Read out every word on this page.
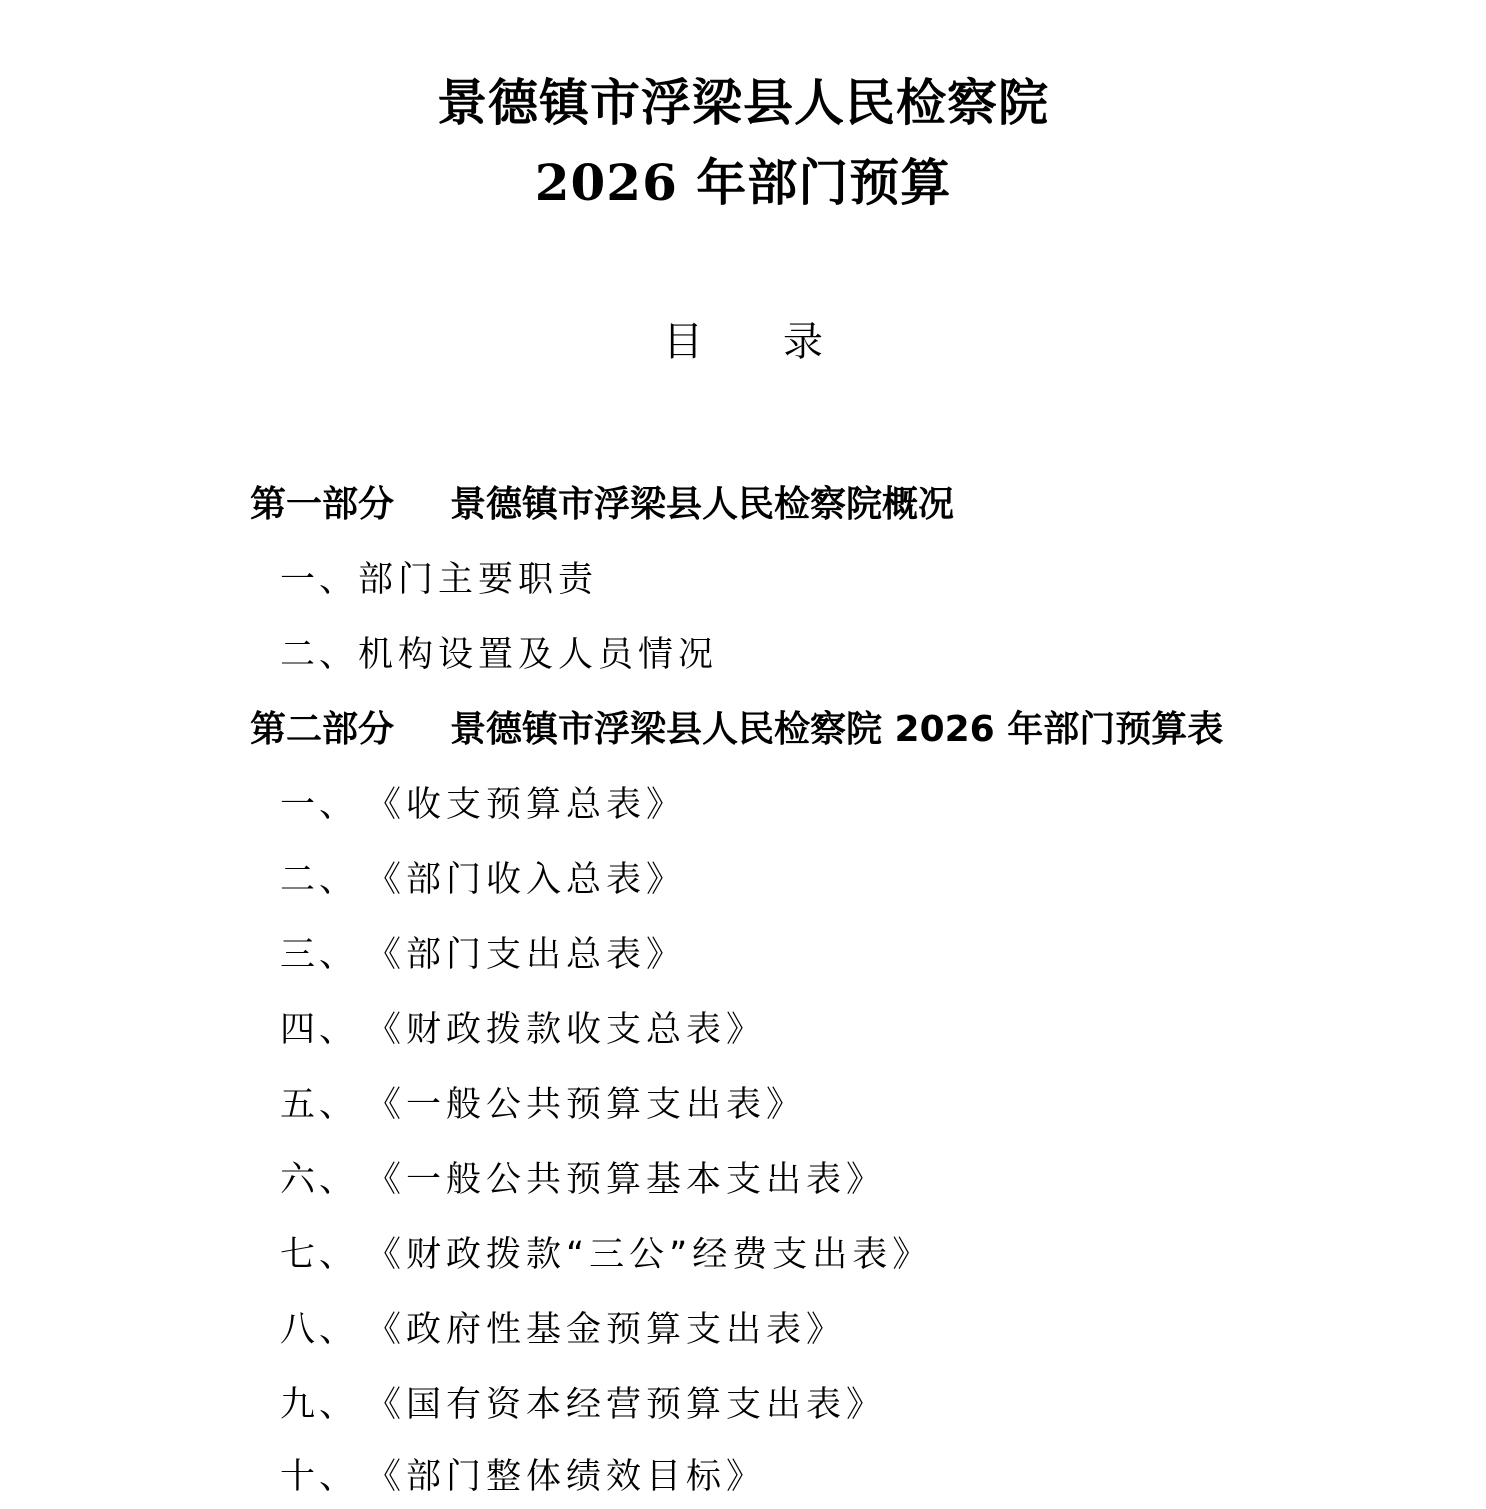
景德镇市浮梁县人民检察院
2026 年部门预算
目 录
第一部分 景德镇市浮梁县人民检察院概况
一、部门主要职责
二、机构设置及人员情况
第二部分 景德镇市浮梁县人民检察院 2026 年部门预算表
一、 《收支预算总表》
二、 《部门收入总表》
三、 《部门支出总表》
四、 《财政拨款收支总表》
五、 《一般公共预算支出表》
六、 《一般公共预算基本支出表》
七、 《财政拨款“三公”经费支出表》
八、 《政府性基金预算支出表》
九、 《国有资本经营预算支出表》
十、 《部门整体绩效目标》
